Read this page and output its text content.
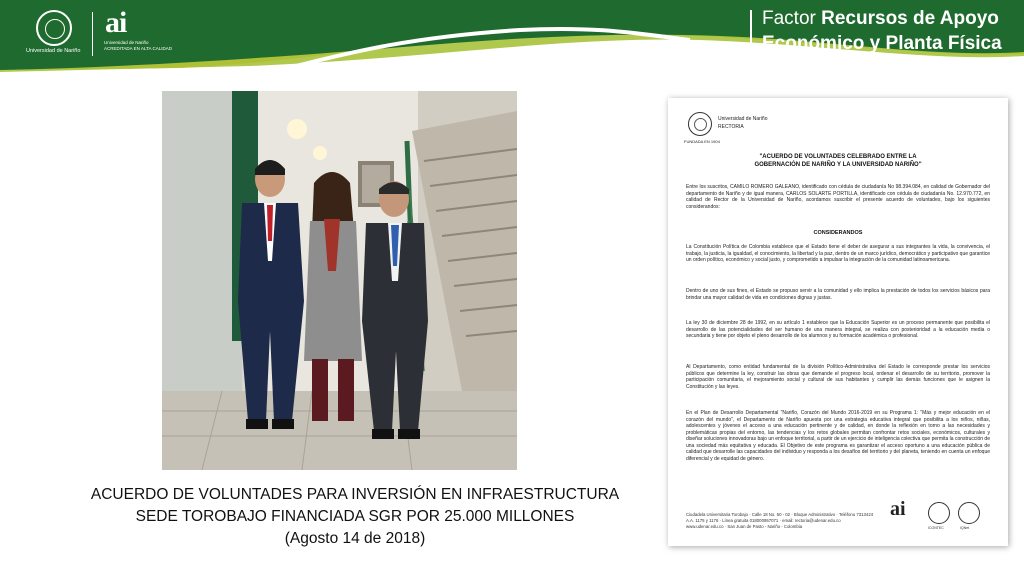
Universidad de Nariño
ai
Universidad de Nariño
ACREDITADA EN ALTA CALIDAD
Factor Recursos de Apoyo
Económico y Planta Física
ACUERDO DE VOLUNTADES PARA INVERSIÓN EN INFRAESTRUCTURA
SEDE TOROBAJO FINANCIADA SGR POR 25.000 MILLONES
(Agosto 14 de 2018)
Universidad de Nariño
RECTORIA
FUNDADA EN 1904
"ACUERDO DE VOLUNTADES CELEBRADO ENTRE LA
GOBERNACIÓN DE NARIÑO Y LA UNIVERSIDAD NARIÑO"
Entre los suscritos, CAMILO ROMERO GALEANO, identificado con cédula de ciudadanía No 98.394.084, en calidad de Gobernador del departamento de Nariño y de igual manera, CARLOS SOLARTE PORTILLA, identificado con cédula de ciudadanía No. 12.970.772, en calidad de Rector de la Universidad de Nariño, acordamos suscribir el presente acuerdo de voluntades, bajo los siguientes considerandos:
CONSIDERANDOS
La Constitución Política de Colombia establece que el Estado tiene el deber de asegurar a sus integrantes la vida, la convivencia, el trabajo, la justicia, la igualdad, el conocimiento, la libertad y la paz, dentro de un marco jurídico, democrático y participativo que garantice un orden político, económico y social justo, y comprometido a impulsar la integración de la comunidad latinoamericana.
Dentro de uno de sus fines, el Estado se propuso servir a la comunidad y ello implica la prestación de todos los servicios básicos para brindar una mayor calidad de vida en condiciones dignas y justas.
La ley 30 de diciembre 28 de 1992, en su artículo 1 establece que la Educación Superior es un proceso permanente que posibilita el desarrollo de las potencialidades del ser humano de una manera integral, se realiza con posterioridad a la educación media o secundaria y tiene por objeto el pleno desarrollo de los alumnos y su formación académica o profesional.
Al Departamento, como entidad fundamental de la división Político-Administrativa del Estado le corresponde prestar los servicios públicos que determine la ley, construir las obras que demande el progreso local, ordenar el desarrollo de su territorio, promover la participación comunitaria, el mejoramiento social y cultural de sus habitantes y cumplir las demás funciones que le asignen la Constitución y las leyes.
En el Plan de Desarrollo Departamental "Nariño, Corazón del Mundo 2016-2019 en su Programa 1: "Más y mejor educación en el corazón del mundo", el Departamento de Nariño apuesta por una estrategia educativa integral que posibilita a los niños, niñas, adolescentes y jóvenes el acceso a una educación pertinente y de calidad, en donde la reflexión en torno a las necesidades y problemáticas propias del entorno, las tendencias y los retos globales permitan confrontar retos sociales, económicos, culturales y diseñar soluciones innovadoras bajo un enfoque territorial, a partir de un ejercicio de inteligencia colectiva que permita la construcción de una sociedad más equitativa y educada. El Objetivo de este programa es garantizar el acceso oportuno a una educación pública de calidad que desarrolle las capacidades del individuo y responda a los desafíos del territorio y del planeta, teniendo en cuenta un enfoque diferencial y de equidad de género.
Ciudadela Universitaria Torobajo - Calle 18 No. 50 - 02 · Bloque Administrativo · Teléfono 7313424
A.A. 1175 y 1176 · Línea gratuita 018000957071 · email: rectoria@udenar.edu.co
www.udenar.edu.co · San Juan de Pasto - Nariño - Colombia
ai
ICONTEC	IQNet
